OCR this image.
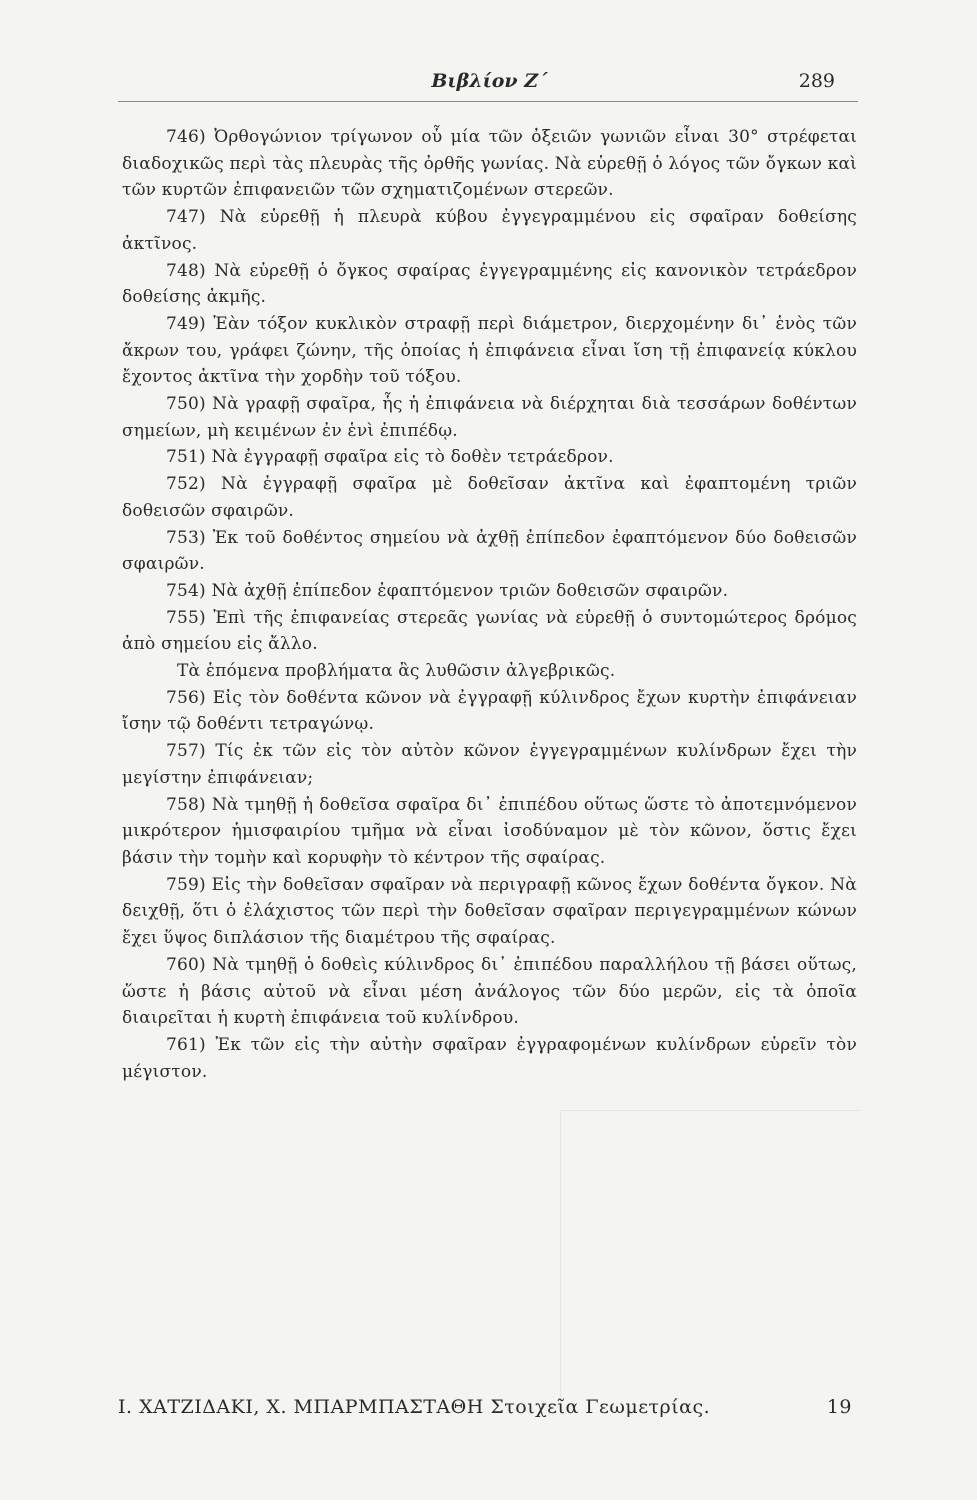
Βιβλίον Ζ΄	289

746) Ὀρθογώνιον τρίγωνον οὗ μία τῶν ὀξειῶν γωνιῶν εἶναι 30° στρέφεται διαδοχικῶς περὶ τὰς πλευρὰς τῆς ὀρθῆς γωνίας. Νὰ εὑρεθῇ ὁ λόγος τῶν ὄγκων καὶ τῶν κυρτῶν ἐπιφανειῶν τῶν σχηματιζομένων στερεῶν.

747) Νὰ εὑρεθῇ ἡ πλευρὰ κύβου ἐγγεγραμμένου εἰς σφαῖραν δοθείσης ἀκτῖνος.

748) Νὰ εὑρεθῇ ὁ ὄγκος σφαίρας ἐγγεγραμμένης εἰς κανονικὸν τετράεδρον δοθείσης ἀκμῆς.

749) Ἐὰν τόξον κυκλικὸν στραφῇ περὶ διάμετρον, διερχομένην δι᾽ ἑνὸς τῶν ἄκρων του, γράφει ζώνην, τῆς ὁποίας ἡ ἐπιφάνεια εἶναι ἴση τῇ ἐπιφανείᾳ κύκλου ἔχοντος ἀκτῖνα τὴν χορδὴν τοῦ τόξου.

750) Νὰ γραφῇ σφαῖρα, ἧς ἡ ἐπιφάνεια νὰ διέρχηται διὰ τεσσάρων δοθέντων σημείων, μὴ κειμένων ἐν ἑνὶ ἐπιπέδῳ.

751) Νὰ ἐγγραφῇ σφαῖρα εἰς τὸ δοθὲν τετράεδρον.

752) Νὰ ἐγγραφῇ σφαῖρα μὲ δοθεῖσαν ἀκτῖνα καὶ ἐφαπτομένη τριῶν δοθεισῶν σφαιρῶν.

753) Ἐκ τοῦ δοθέντος σημείου νὰ ἀχθῇ ἐπίπεδον ἐφαπτόμενον δύο δοθεισῶν σφαιρῶν.

754) Νὰ ἀχθῇ ἐπίπεδον ἐφαπτόμενον τριῶν δοθεισῶν σφαιρῶν.

755) Ἐπὶ τῆς ἐπιφανείας στερεᾶς γωνίας νὰ εὑρεθῇ ὁ συντομώτερος δρόμος ἀπὸ σημείου εἰς ἄλλο.

Τὰ ἑπόμενα προβλήματα ἂς λυθῶσιν ἀλγεβρικῶς.

756) Εἰς τὸν δοθέντα κῶνον νὰ ἐγγραφῇ κύλινδρος ἔχων κυρτὴν ἐπιφάνειαν ἴσην τῷ δοθέντι τετραγώνῳ.

757) Τίς ἐκ τῶν εἰς τὸν αὐτὸν κῶνον ἐγγεγραμμένων κυλίνδρων ἔχει τὴν μεγίστην ἐπιφάνειαν;

758) Νὰ τμηθῇ ἡ δοθεῖσα σφαῖρα δι᾽ ἐπιπέδου οὕτως ὥστε τὸ ἀποτεμνόμενον μικρότερον ἡμισφαιρίου τμῆμα νὰ εἶναι ἰσοδύναμον μὲ τὸν κῶνον, ὅστις ἔχει βάσιν τὴν τομὴν καὶ κορυφὴν τὸ κέντρον τῆς σφαίρας.

759) Εἰς τὴν δοθεῖσαν σφαῖραν νὰ περιγραφῇ κῶνος ἔχων δοθέντα ὄγκον. Νὰ δειχθῇ, ὅτι ὁ ἐλάχιστος τῶν περὶ τὴν δοθεῖσαν σφαῖραν περιγεγραμμένων κώνων ἔχει ὕψος διπλάσιον τῆς διαμέτρου τῆς σφαίρας.

760) Νὰ τμηθῇ ὁ δοθεὶς κύλινδρος δι᾽ ἐπιπέδου παραλλήλου τῇ βάσει οὕτως, ὥστε ἡ βάσις αὐτοῦ νὰ εἶναι μέση ἀνάλογος τῶν δύο μερῶν, εἰς τὰ ὁποῖα διαιρεῖται ἡ κυρτὴ ἐπιφάνεια τοῦ κυλίνδρου.

761) Ἐκ τῶν εἰς τὴν αὐτὴν σφαῖραν ἐγγραφομένων κυλίνδρων εὑρεῖν τὸν μέγιστον.

Ι. ΧΑΤΖΙΔΑΚΙ, Χ. ΜΠΑΡΜΠΑΣΤΑΘΗ Στοιχεῖα Γεωμετρίας.	19
